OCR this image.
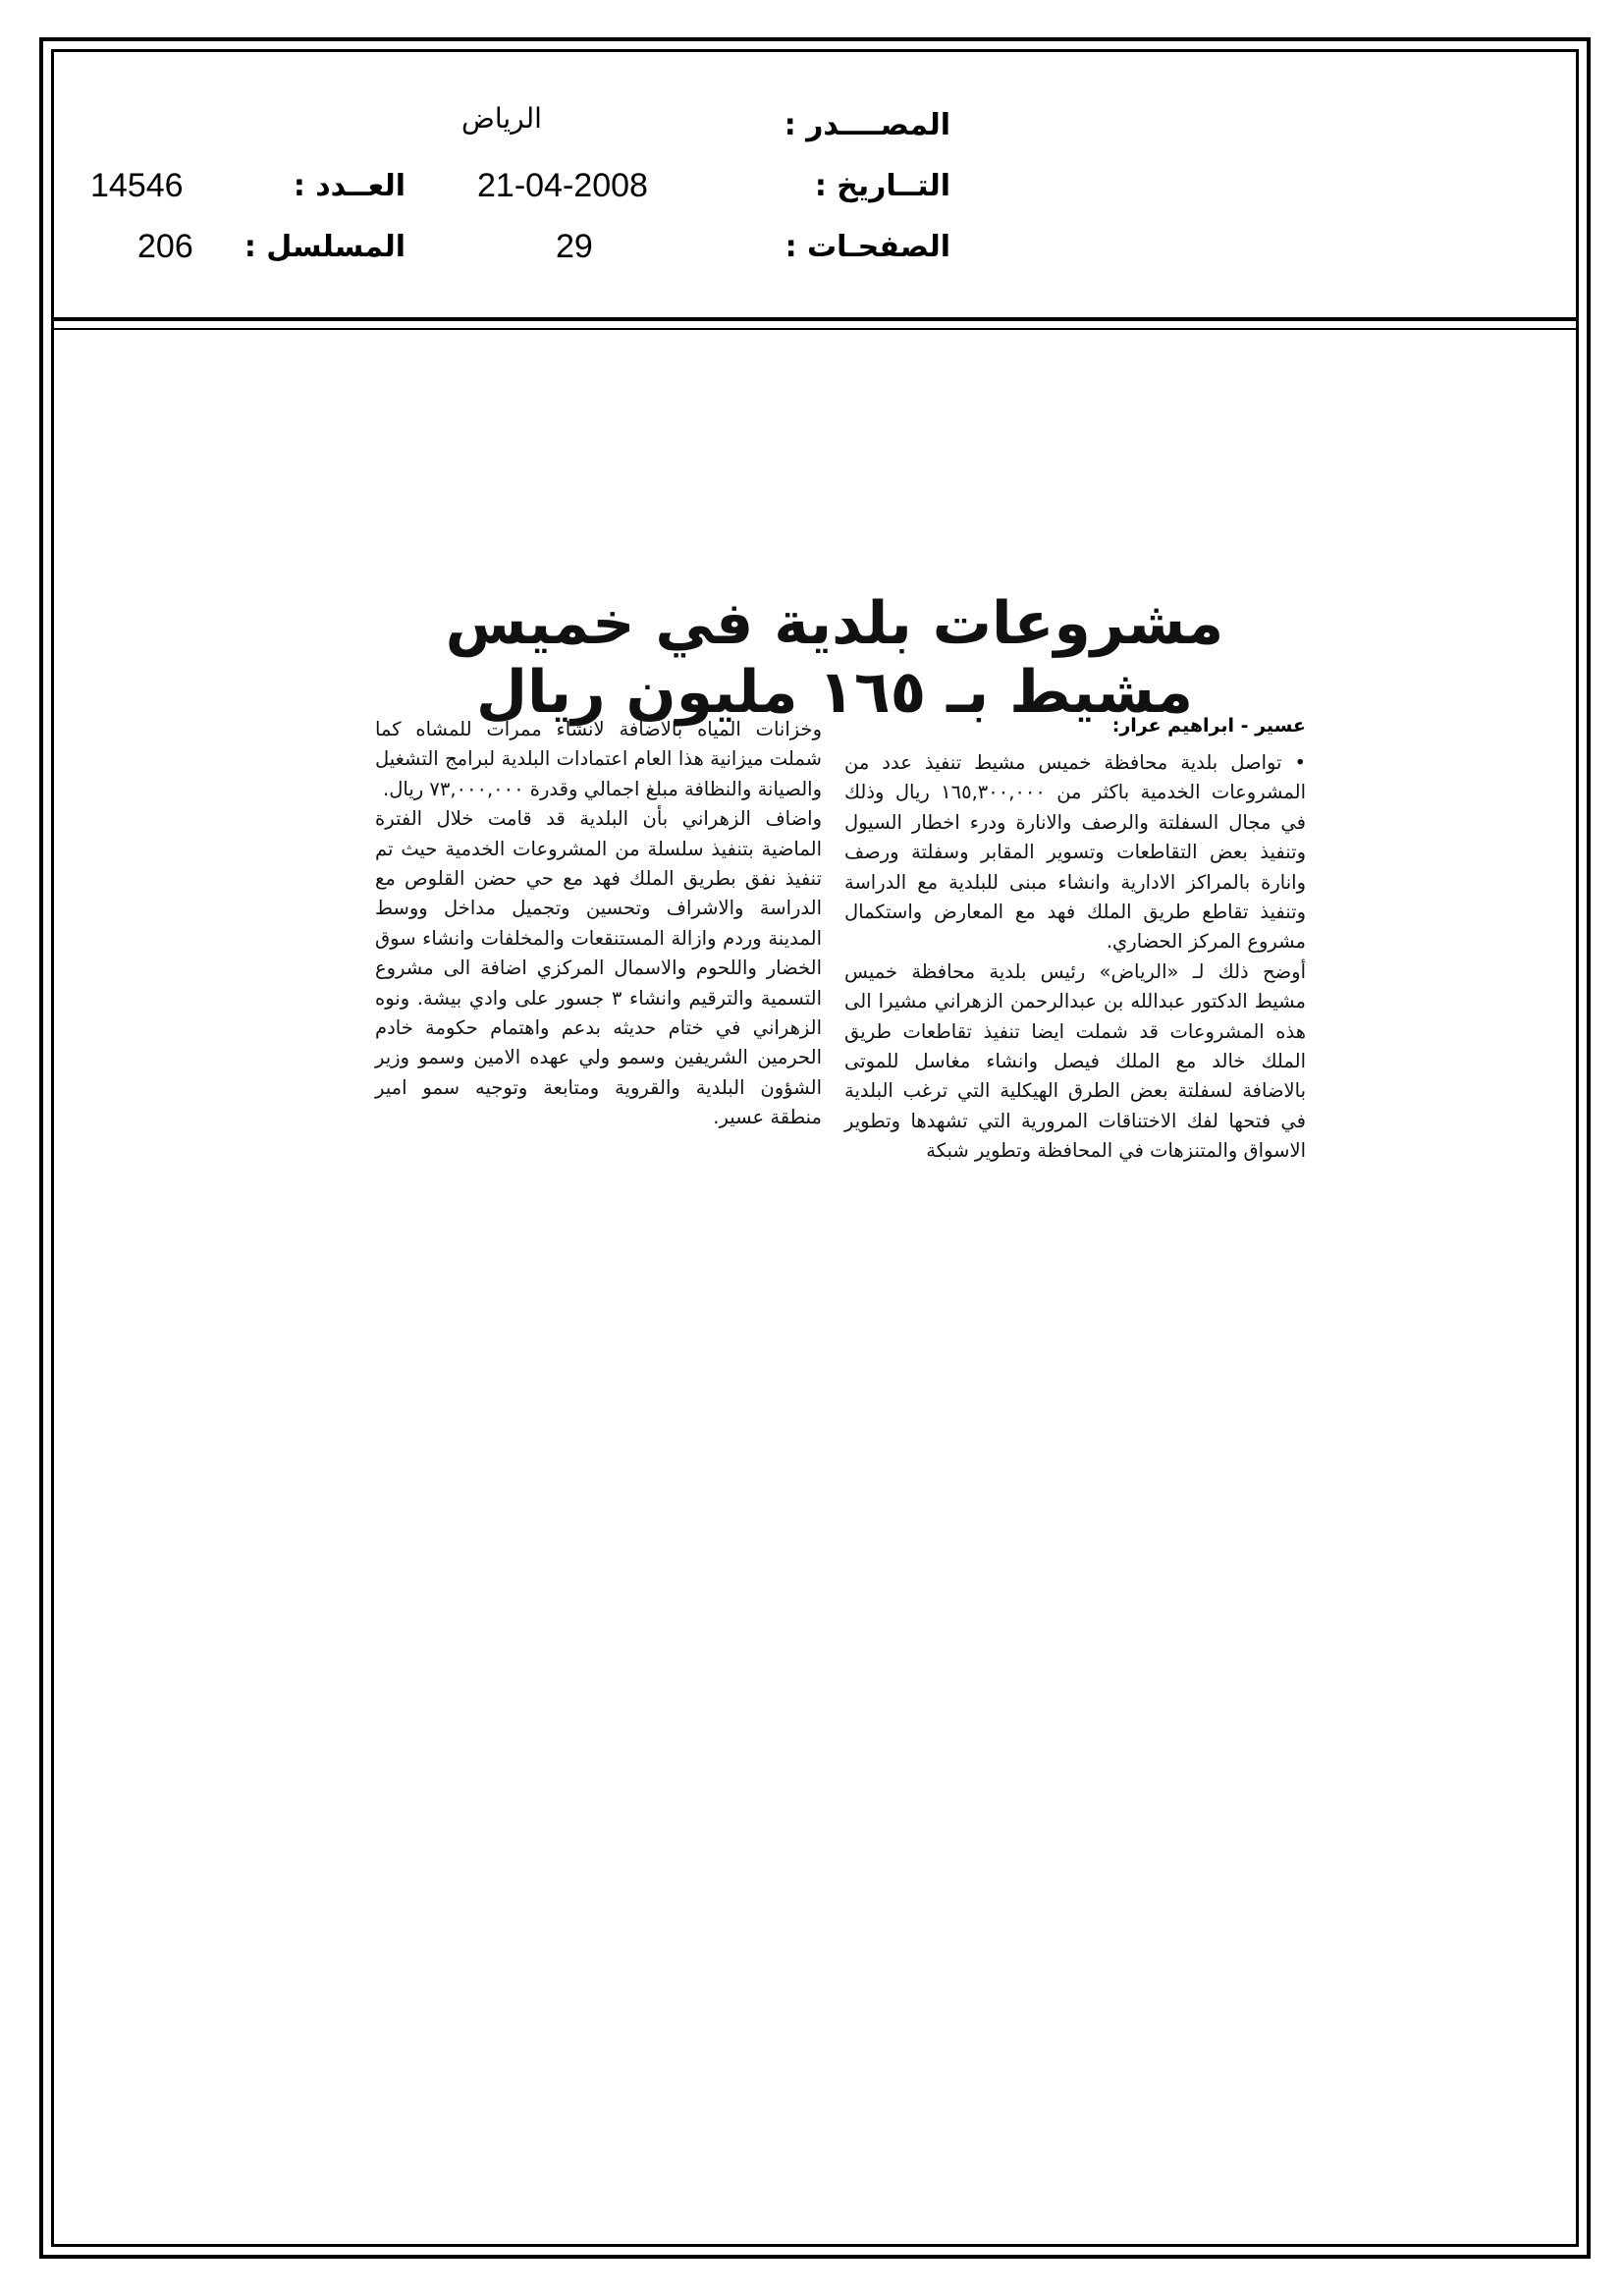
المصــــدر :
الرياض
التــاريخ :
21-04-2008
العــدد :
14546
الصفحـات :
29
المسلسل :
206
مشروعات بلدية في خميس مشيط بـ ١٦٥ مليون ريال
عسير - ابراهيم عرار:

• تواصل بلدية محافظة خميس مشيط تنفيذ عدد من المشروعات الخدمية باكثر من ١٦٥,٣٠٠,٠٠٠ ريال وذلك في مجال السفلتة والرصف والانارة ودرء اخطار السيول وتنفيذ بعض التقاطعات وتسوير المقابر وسفلتة ورصف وانارة بالمراكز الادارية وانشاء مبنى للبلدية مع الدراسة وتنفيذ تقاطع طريق الملك فهد مع المعارض واستكمال مشروع المركز الحضاري.

أوضح ذلك لـ «الرياض» رئيس بلدية محافظة خميس مشيط الدكتور عبدالله بن عبدالرحمن الزهراني مشيرا الى هذه المشروعات قد شملت ايضا تنفيذ تقاطعات طريق الملك خالد مع الملك فيصل وانشاء مغاسل للموتى بالاضافة لسفلتة بعض الطرق الهيكلية التي ترغب البلدية في فتحها لفك الاختناقات المرورية التي تشهدها وتطوير الاسواق والمتنزهات في المحافظة وتطوير شبكة

وخزانات المياه بالاضافة لانشاء ممرات للمشاه كما شملت ميزانية هذا العام اعتمادات البلدية لبرامج التشغيل والصيانة والنظافة مبلغ اجمالي وقدرة ٧٣,٠٠٠,٠٠٠ ريال.

واضاف الزهراني بأن البلدية قد قامت خلال الفترة الماضية بتنفيذ سلسلة من المشروعات الخدمية حيث تم تنفيذ نفق بطريق الملك فهد مع حي حضن القلوص مع الدراسة والاشراف وتحسين وتجميل مداخل ووسط المدينة وردم وازالة المستنقعات والمخلفات وانشاء سوق الخضار واللحوم والاسمال المركزي اضافة الى مشروع التسمية والترقيم وانشاء ٣ جسور على وادي بيشة. ونوه الزهراني في ختام حديثه بدعم واهتمام حكومة خادم الحرمين الشريفين وسمو ولي عهده الامين وسمو وزير الشؤون البلدية والقروية ومتابعة وتوجيه سمو امير منطقة عسير.
